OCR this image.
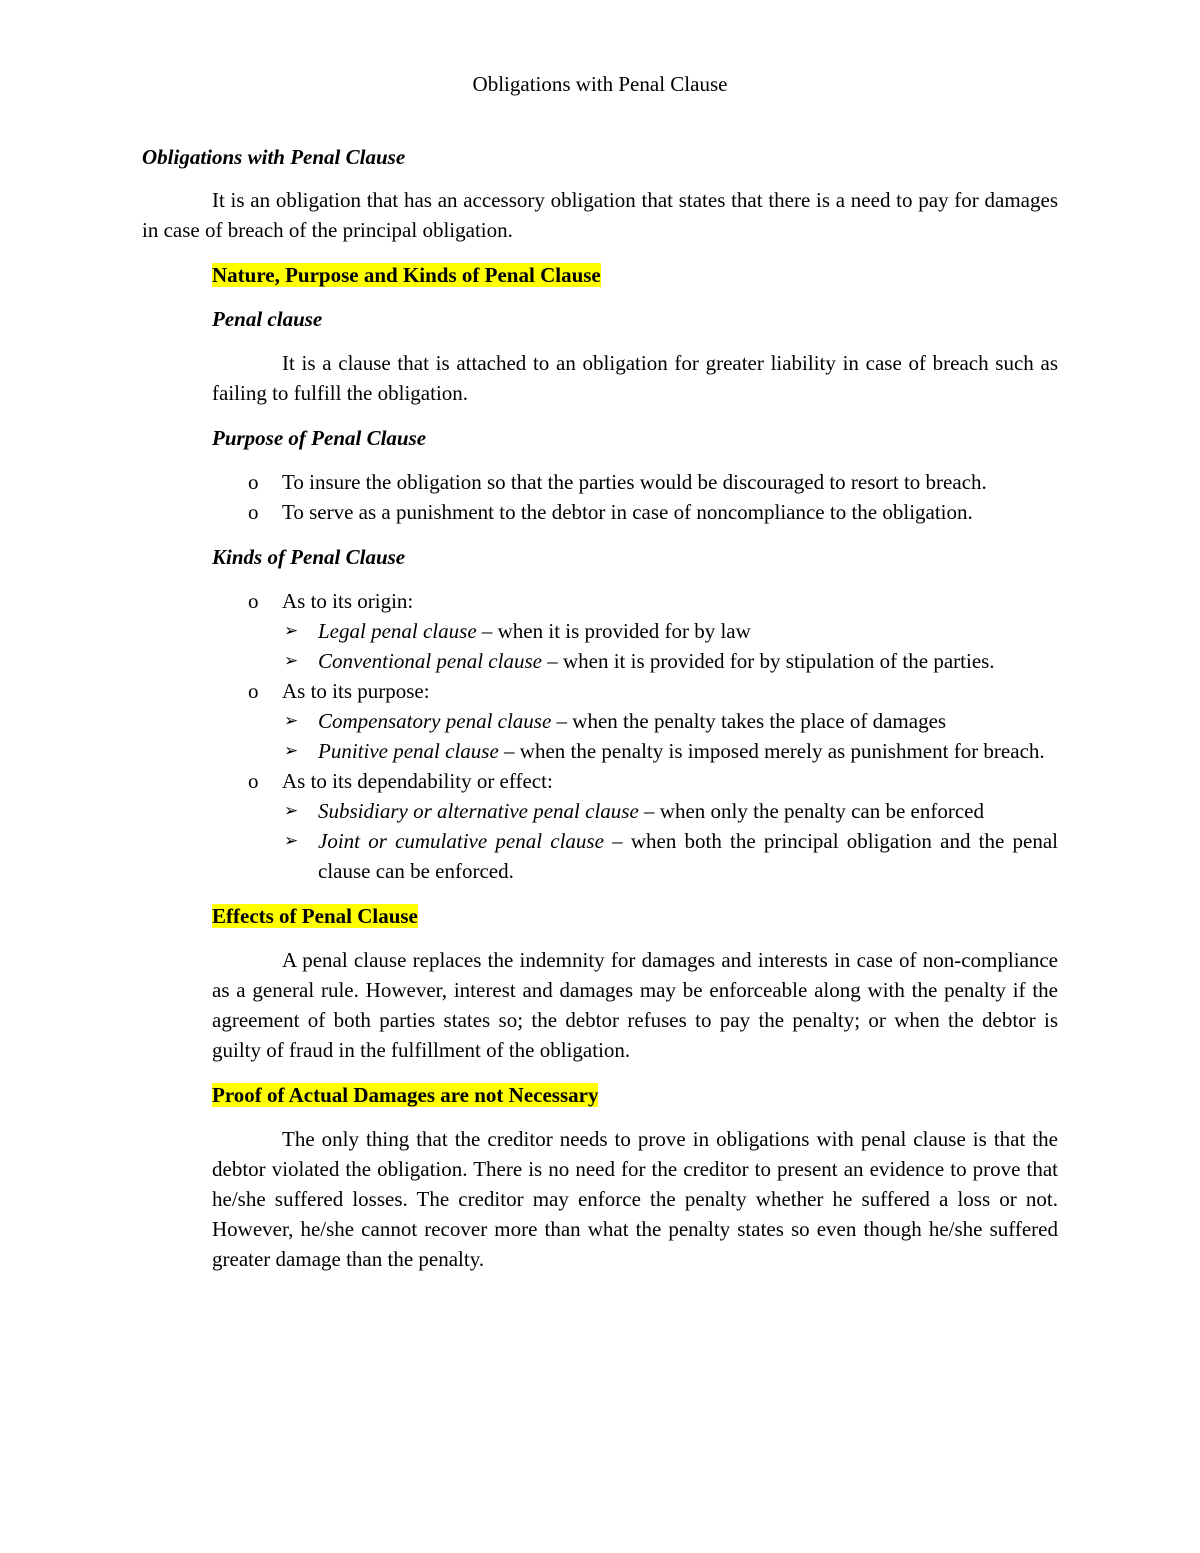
Obligations with Penal Clause
Obligations with Penal Clause

It is an obligation that has an accessory obligation that states that there is a need to pay for damages in case of breach of the principal obligation.

Nature, Purpose and Kinds of Penal Clause
Penal clause

It is a clause that is attached to an obligation for greater liability in case of breach such as failing to fulfill the obligation.

Purpose of Penal Clause
o To insure the obligation so that the parties would be discouraged to resort to breach.
o To serve as a punishment to the debtor in case of noncompliance to the obligation.
Kinds of Penal Clause
o As to its origin:
➢ Legal penal clause – when it is provided for by law
➢ Conventional penal clause – when it is provided for by stipulation of the parties.
o As to its purpose:
➢ Compensatory penal clause – when the penalty takes the place of damages
➢ Punitive penal clause – when the penalty is imposed merely as punishment for breach.
o As to its dependability or effect:
➢ Subsidiary or alternative penal clause – when only the penalty can be enforced
➢ Joint or cumulative penal clause – when both the principal obligation and the penal clause can be enforced.
Effects of Penal Clause

A penal clause replaces the indemnity for damages and interests in case of non-compliance as a general rule. However, interest and damages may be enforceable along with the penalty if the agreement of both parties states so; the debtor refuses to pay the penalty; or when the debtor is guilty of fraud in the fulfillment of the obligation.

Proof of Actual Damages are not Necessary

The only thing that the creditor needs to prove in obligations with penal clause is that the debtor violated the obligation. There is no need for the creditor to present an evidence to prove that he/she suffered losses. The creditor may enforce the penalty whether he suffered a loss or not. However, he/she cannot recover more than what the penalty states so even though he/she suffered greater damage than the penalty.
